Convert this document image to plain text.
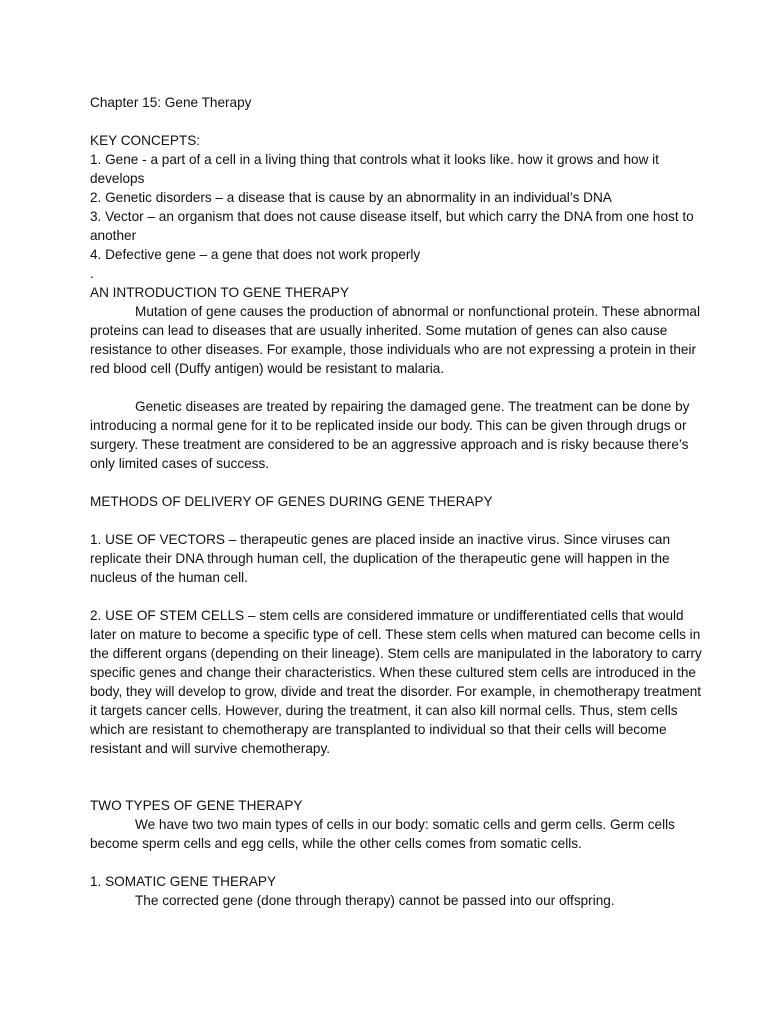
Chapter 15: Gene Therapy

KEY CONCEPTS:

1. Gene - a part of a cell in a living thing that controls what it looks like. how it grows and how it develops

2. Genetic disorders – a disease that is cause by an abnormality in an individual’s DNA

3. Vector – an organism that does not cause disease itself, but which carry the DNA from one host to another

4. Defective gene – a gene that does not work properly

.

AN INTRODUCTION TO GENE THERAPY

Mutation of gene causes the production of abnormal or nonfunctional protein. These abnormal proteins can lead to diseases that are usually inherited. Some mutation of genes can also cause resistance to other diseases. For example, those individuals who are not expressing a protein in their red blood cell (Duffy antigen) would be resistant to malaria.

Genetic diseases are treated by repairing the damaged gene. The treatment can be done by introducing a normal gene for it to be replicated inside our body. This can be given through drugs or surgery. These treatment are considered to be an aggressive approach and is risky because there’s only limited cases of success.

METHODS OF DELIVERY OF GENES DURING GENE THERAPY

1. USE OF VECTORS – therapeutic genes are placed inside an inactive virus. Since viruses can replicate their DNA through human cell, the duplication of the therapeutic gene will happen in the nucleus of the human cell.

2. USE OF STEM CELLS – stem cells are considered immature or undifferentiated cells that would later on mature to become a specific type of cell. These stem cells when matured can become cells in the different organs (depending on their lineage). Stem cells are manipulated in the laboratory to carry specific genes and change their characteristics. When these cultured stem cells are introduced in the body, they will develop to grow, divide and treat the disorder. For example, in chemotherapy treatment it targets cancer cells. However, during the treatment, it can also kill normal cells. Thus, stem cells which are resistant to chemotherapy are transplanted to individual so that their cells will become resistant and will survive chemotherapy.

TWO TYPES OF GENE THERAPY

We have two two main types of cells in our body: somatic cells and germ cells. Germ cells become sperm cells and egg cells, while the other cells comes from somatic cells.

1. SOMATIC GENE THERAPY

The corrected gene (done through therapy) cannot be passed into our offspring.
